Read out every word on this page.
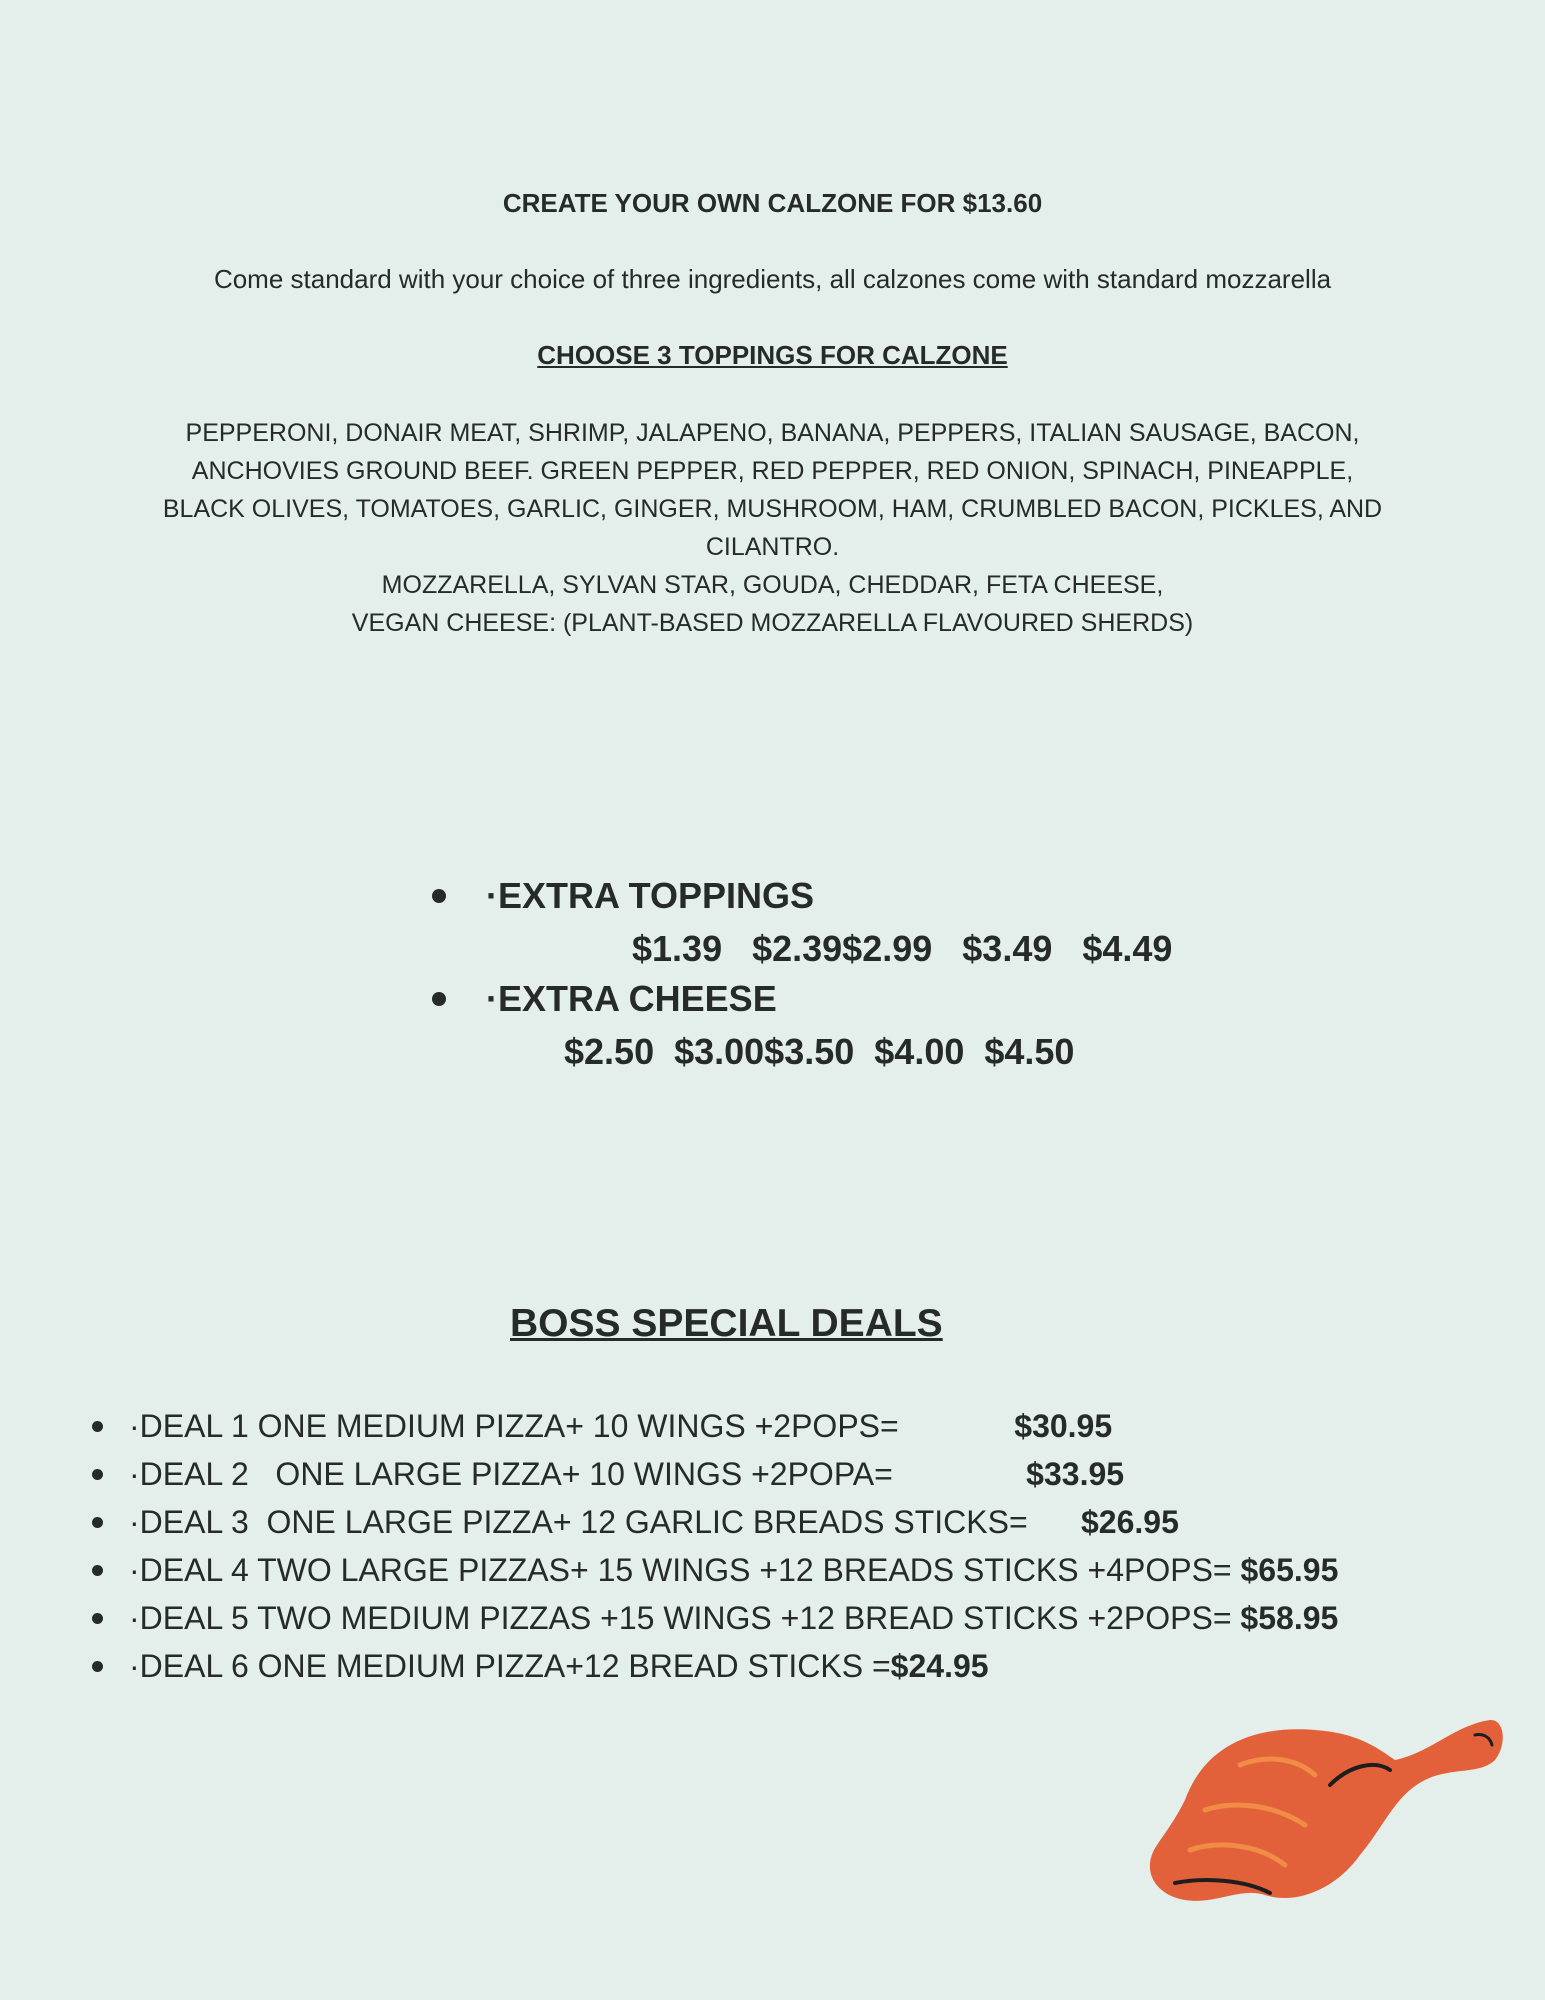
CREATE YOUR OWN CALZONE FOR $13.60
Come standard with your choice of three ingredients, all calzones come with standard mozzarella
CHOOSE 3 TOPPINGS FOR CALZONE
PEPPERONI, DONAIR MEAT, SHRIMP, JALAPENO, BANANA, PEPPERS, ITALIAN SAUSAGE, BACON, ANCHOVIES GROUND BEEF. GREEN PEPPER, RED PEPPER, RED ONION, SPINACH, PINEAPPLE, BLACK OLIVES, TOMATOES, GARLIC, GINGER, MUSHROOM, HAM, CRUMBLED BACON, PICKLES, AND CILANTRO.
MOZZARELLA, SYLVAN STAR, GOUDA, CHEDDAR, FETA CHEESE,
VEGAN CHEESE: (PLANT-BASED MOZZARELLA FLAVOURED SHERDS)
·EXTRA TOPPINGS
$1.39   $2.39$2.99   $3.49   $4.49
·EXTRA CHEESE
$2.50  $3.00$3.50  $4.00  $4.50
BOSS SPECIAL DEALS
·DEAL 1 ONE MEDIUM PIZZA+ 10 WINGS +2POPS= $30.95
·DEAL 2   ONE LARGE PIZZA+ 10 WINGS +2POPA= $33.95
·DEAL 3  ONE LARGE PIZZA+ 12 GARLIC BREADS STICKS= $26.95
·DEAL 4 TWO LARGE PIZZAS+ 15 WINGS +12 BREADS STICKS +4POPS= $65.95
·DEAL 5 TWO MEDIUM PIZZAS +15 WINGS +12 BREAD STICKS +2POPS= $58.95
·DEAL 6 ONE MEDIUM PIZZA+12 BREAD STICKS = $24.95
